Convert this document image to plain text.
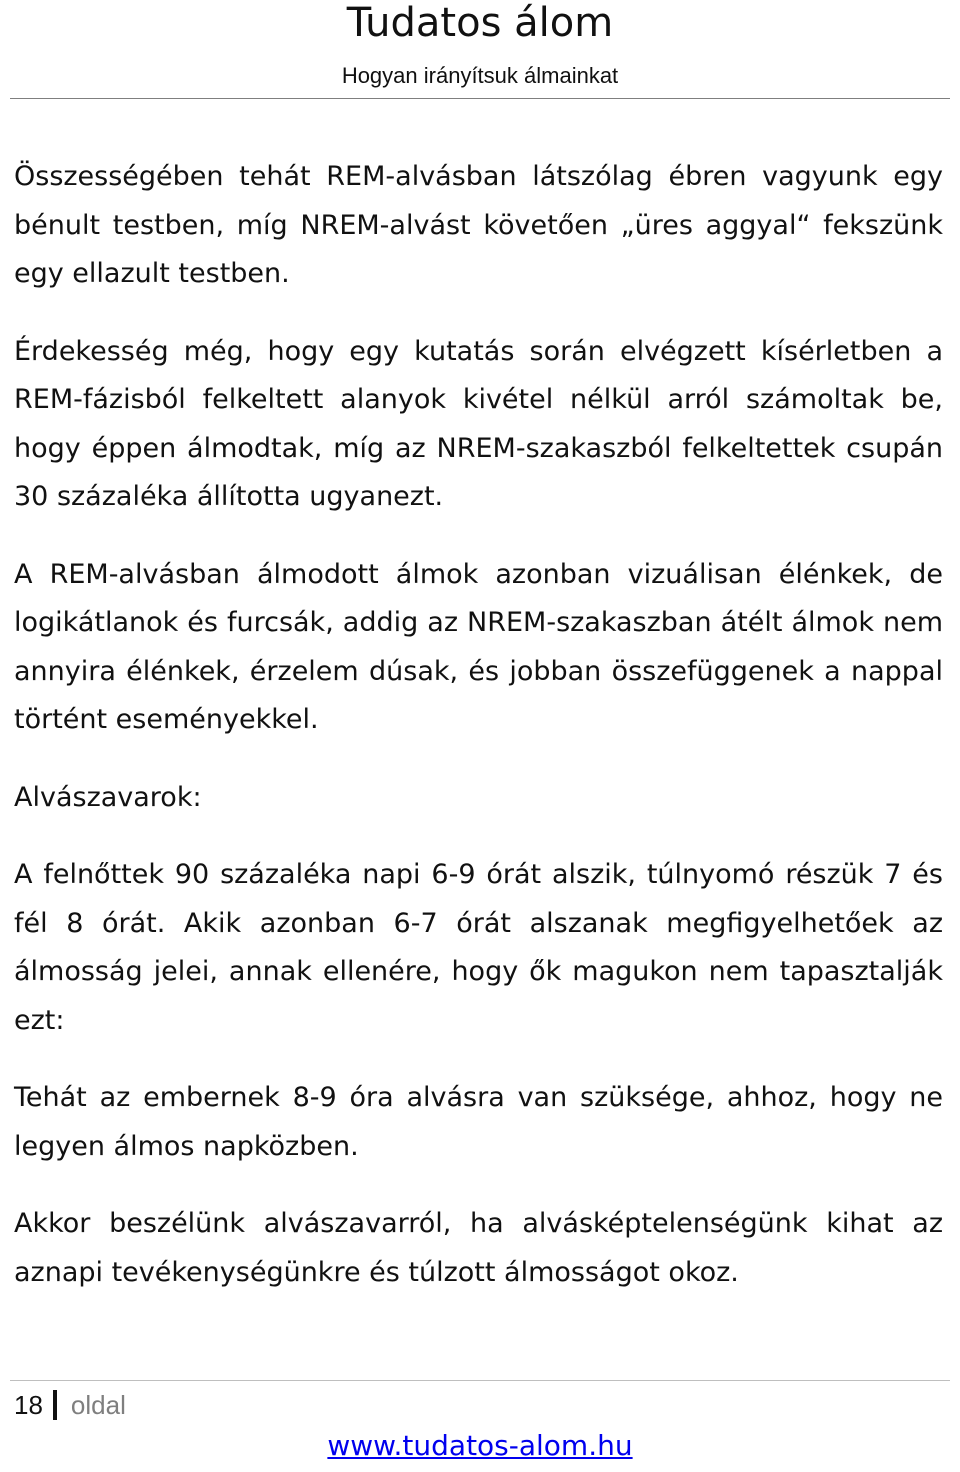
Tudatos álom
Hogyan irányítsuk álmainkat

Összességében tehát REM-alvásban látszólag ébren vagyunk egy bénult testben, míg NREM-alvást követően „üres aggyal“ fekszünk egy ellazult testben.

Érdekesség még, hogy egy kutatás során elvégzett kísérletben a REM-fázisból felkeltett alanyok kivétel nélkül arról számoltak be, hogy éppen álmodtak, míg az NREM-szakaszból felkeltettek csupán 30 százaléka állította ugyanezt.

A REM-alvásban álmodott álmok azonban vizuálisan élénkek, de logikátlanok és furcsák, addig az NREM-szakaszban átélt álmok nem annyira élénkek, érzelem dúsak, és jobban összefüggenek a nappal történt eseményekkel.

Alvászavarok:

A felnőttek 90 százaléka napi 6-9 órát alszik, túlnyomó részük 7 és fél 8 órát. Akik azonban 6-7 órát alszanak megfigyelhetőek az álmosság jelei, annak ellenére, hogy ők magukon nem tapasztalják ezt:

Tehát az embernek 8-9 óra alvásra van szüksége, ahhoz, hogy ne legyen álmos napközben.

Akkor beszélünk alvászavarról, ha alvásképtelenségünk kihat az aznapi tevékenységünkre és túlzott álmosságot okoz.

18 oldal
www.tudatos-alom.hu
